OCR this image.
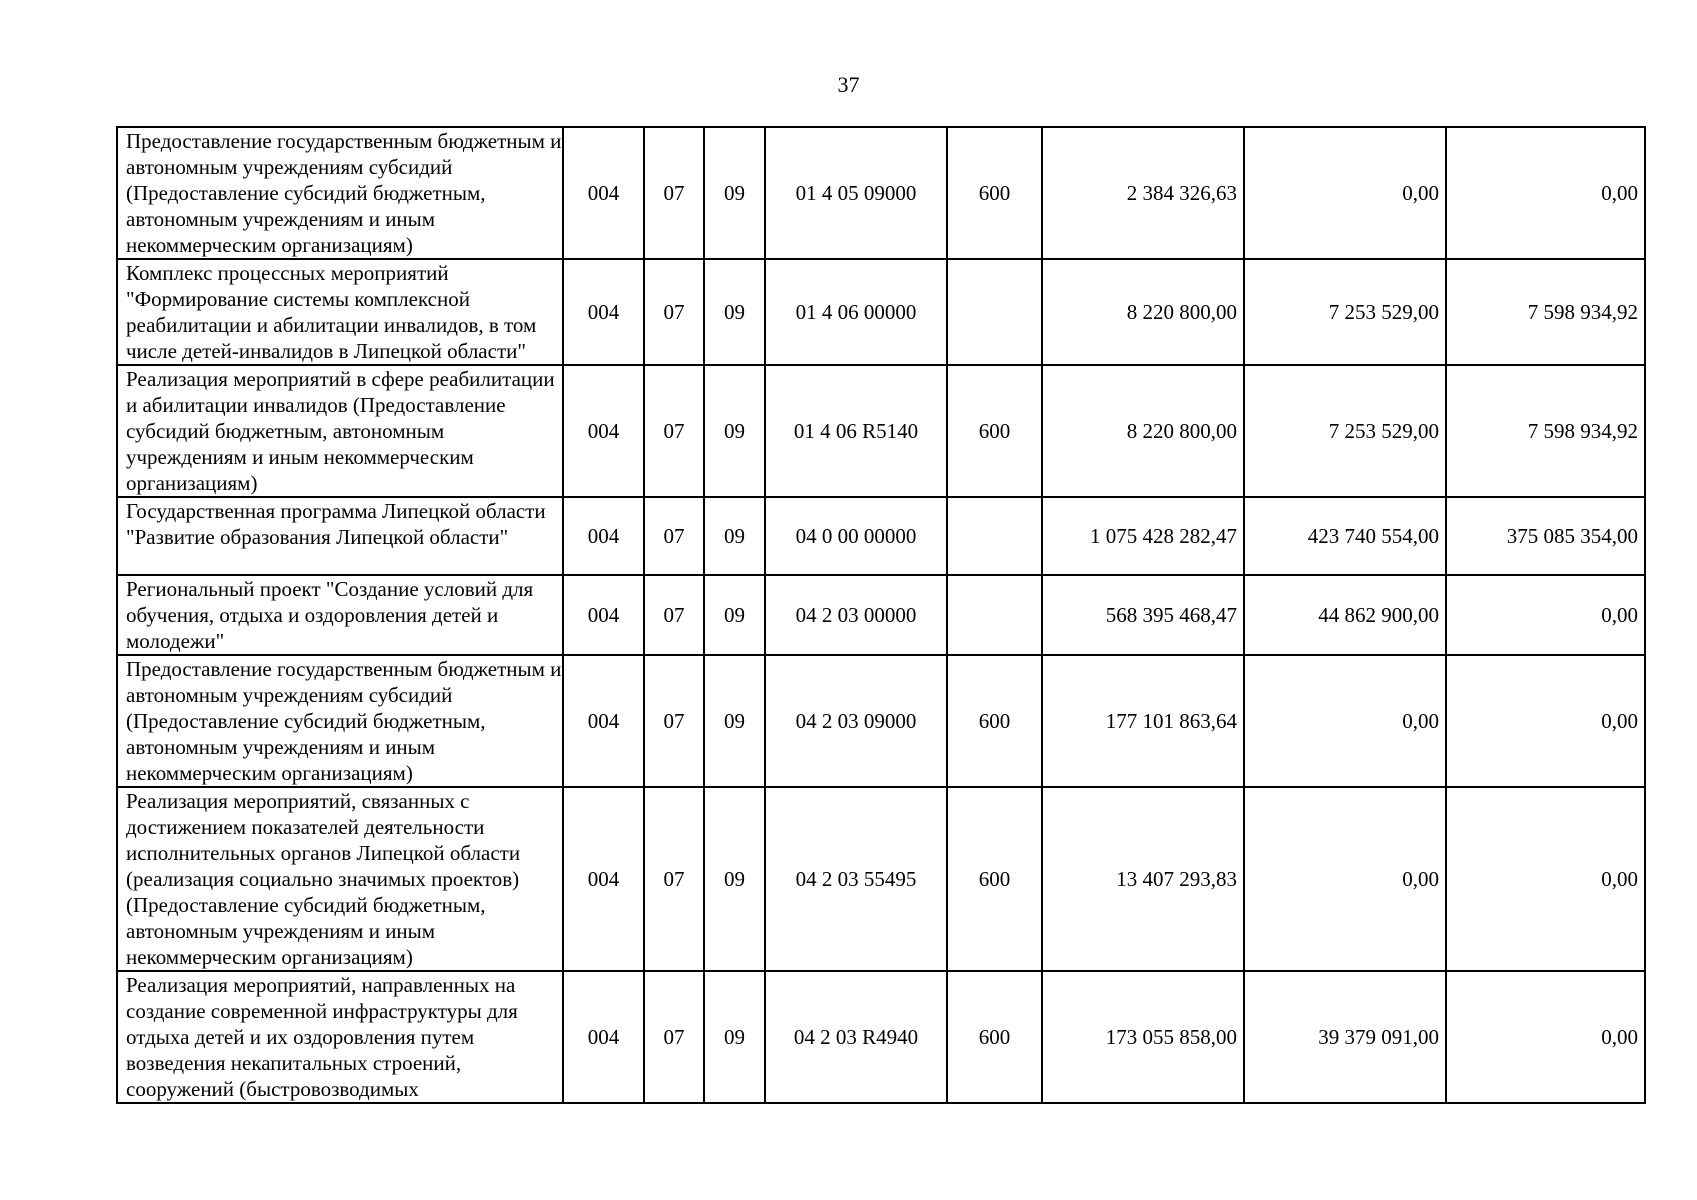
37
Предоставление государственным бюджетным и автономным учреждениям субсидий (Предоставление субсидий бюджетным, автономным учреждениям и иным некоммерческим организациям)	004	07	09	01 4 05 09000	600	2 384 326,63	0,00	0,00
Комплекс процессных мероприятий "Формирование системы комплексной реабилитации и абилитации инвалидов, в том числе детей-инвалидов в Липецкой области"	004	07	09	01 4 06 00000		8 220 800,00	7 253 529,00	7 598 934,92
Реализация мероприятий в сфере реабилитации и абилитации инвалидов (Предоставление субсидий бюджетным, автономным учреждениям и иным некоммерческим организациям)	004	07	09	01 4 06 R5140	600	8 220 800,00	7 253 529,00	7 598 934,92
Государственная программа Липецкой области "Развитие образования Липецкой области"	004	07	09	04 0 00 00000		1 075 428 282,47	423 740 554,00	375 085 354,00
Региональный проект "Создание условий для обучения, отдыха и оздоровления детей и молодежи"	004	07	09	04 2 03 00000		568 395 468,47	44 862 900,00	0,00
Предоставление государственным бюджетным и автономным учреждениям субсидий (Предоставление субсидий бюджетным, автономным учреждениям и иным некоммерческим организациям)	004	07	09	04 2 03 09000	600	177 101 863,64	0,00	0,00
Реализация мероприятий, связанных с достижением показателей деятельности исполнительных органов Липецкой области (реализация социально значимых проектов) (Предоставление субсидий бюджетным, автономным учреждениям и иным некоммерческим организациям)	004	07	09	04 2 03 55495	600	13 407 293,83	0,00	0,00
Реализация мероприятий, направленных на создание современной инфраструктуры для отдыха детей и их оздоровления путем возведения некапитальных строений, сооружений (быстровозводимых	004	07	09	04 2 03 R4940	600	173 055 858,00	39 379 091,00	0,00
